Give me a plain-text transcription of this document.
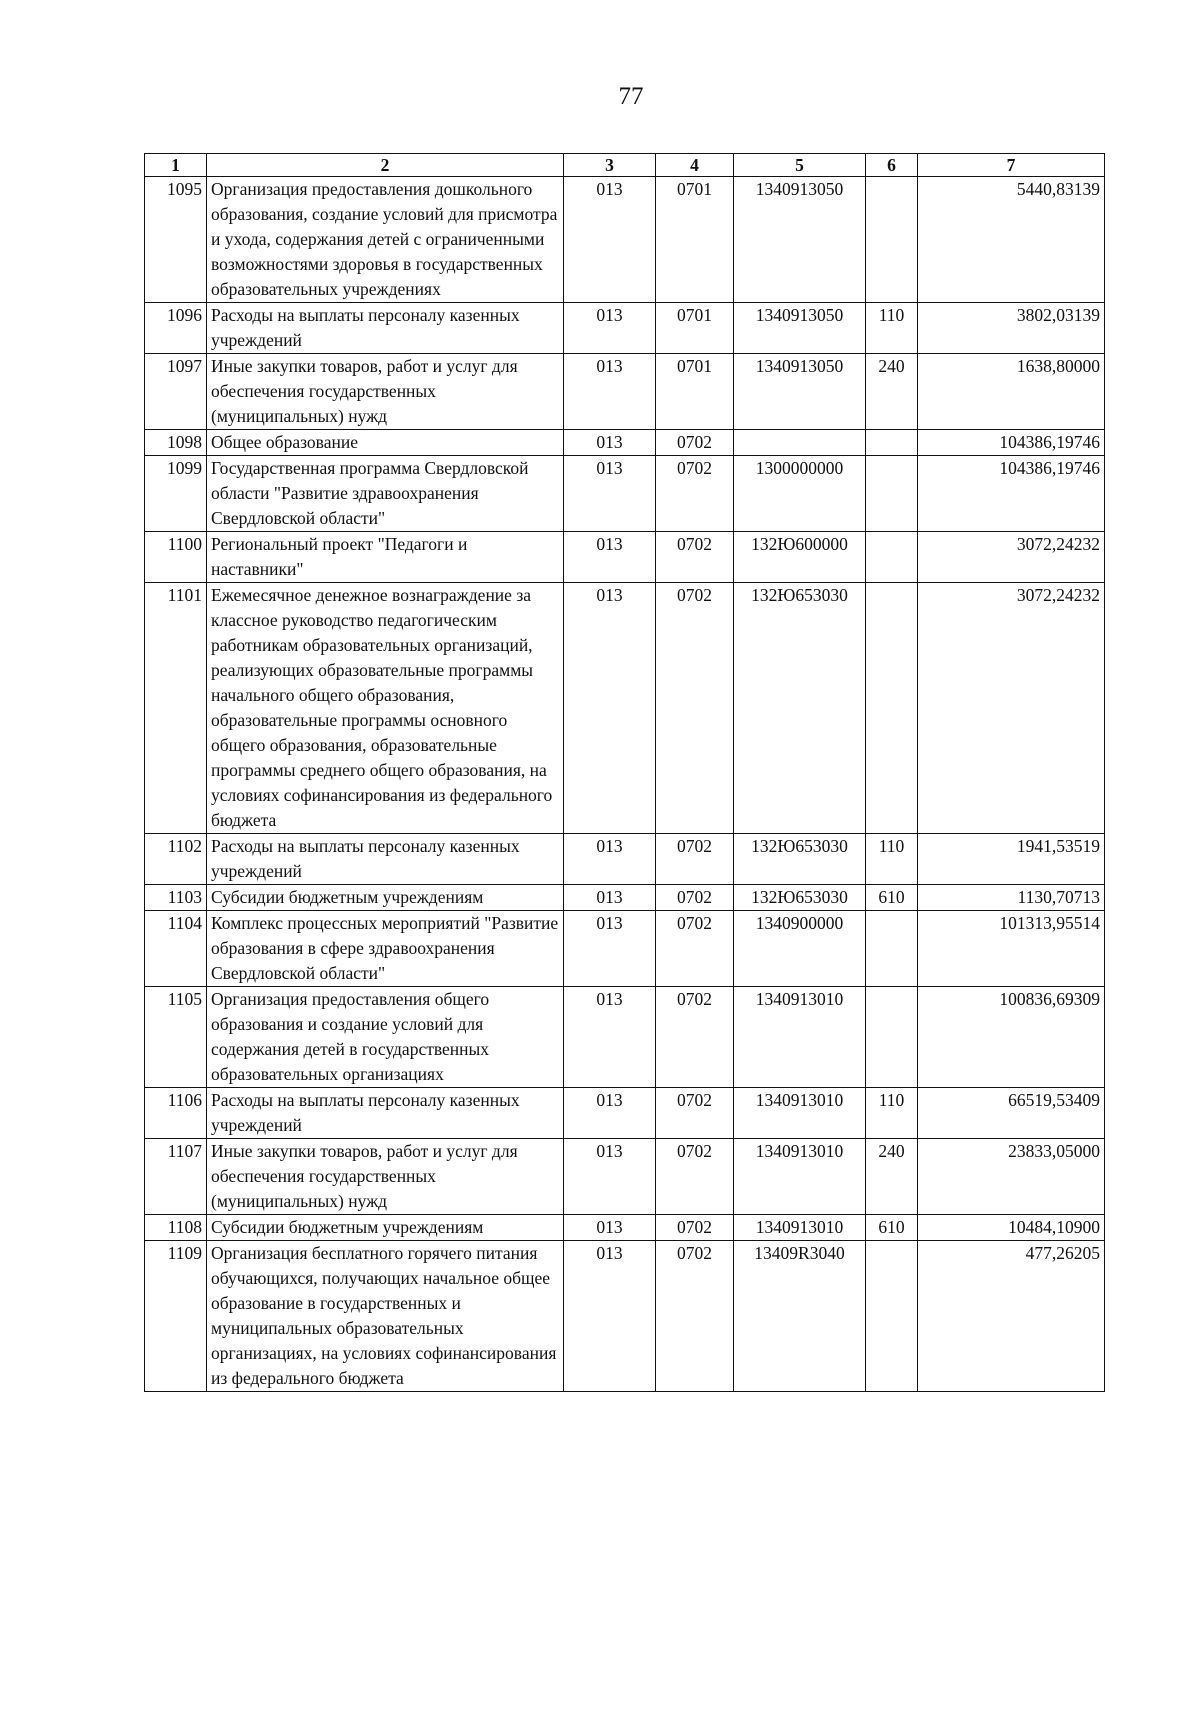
77
1	2	3	4	5	6	7
1095	Организация предоставления дошкольного образования, создание условий для присмотра и ухода, содержания детей с ограниченными возможностями здоровья в государственных образовательных учреждениях	013	0701	1340913050		5440,83139
1096	Расходы на выплаты персоналу казенных учреждений	013	0701	1340913050	110	3802,03139
1097	Иные закупки товаров, работ и услуг для обеспечения государственных (муниципальных) нужд	013	0701	1340913050	240	1638,80000
1098	Общее образование	013	0702			104386,19746
1099	Государственная программа Свердловской области "Развитие здравоохранения Свердловской области"	013	0702	1300000000		104386,19746
1100	Региональный проект "Педагоги и наставники"	013	0702	132Ю600000		3072,24232
1101	Ежемесячное денежное вознаграждение за классное руководство педагогическим работникам образовательных организаций, реализующих образовательные программы начального общего образования, образовательные программы основного общего образования, образовательные программы среднего общего образования, на условиях софинансирования из федерального бюджета	013	0702	132Ю653030		3072,24232
1102	Расходы на выплаты персоналу казенных учреждений	013	0702	132Ю653030	110	1941,53519
1103	Субсидии бюджетным учреждениям	013	0702	132Ю653030	610	1130,70713
1104	Комплекс процессных мероприятий "Развитие образования в сфере здравоохранения Свердловской области"	013	0702	1340900000		101313,95514
1105	Организация предоставления общего образования и создание условий для содержания детей в государственных образовательных организациях	013	0702	1340913010		100836,69309
1106	Расходы на выплаты персоналу казенных учреждений	013	0702	1340913010	110	66519,53409
1107	Иные закупки товаров, работ и услуг для обеспечения государственных (муниципальных) нужд	013	0702	1340913010	240	23833,05000
1108	Субсидии бюджетным учреждениям	013	0702	1340913010	610	10484,10900
1109	Организация бесплатного горячего питания обучающихся, получающих начальное общее образование в государственных и муниципальных образовательных организациях, на условиях софинансирования из федерального бюджета	013	0702	13409R3040		477,26205
